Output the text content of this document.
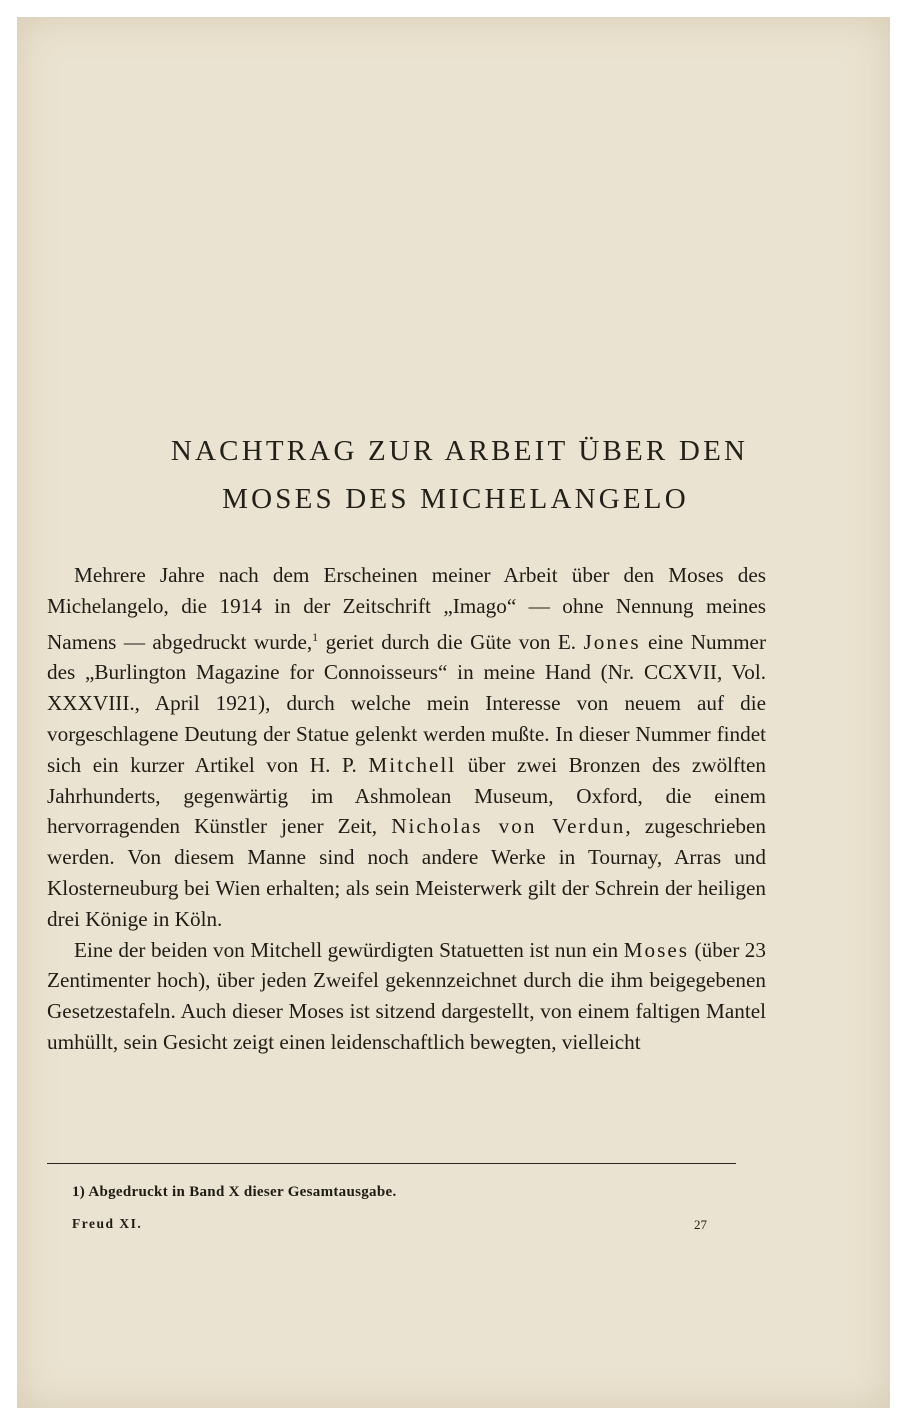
NACHTRAG ZUR ARBEIT ÜBER DEN
MOSES DES MICHELANGELO

Mehrere Jahre nach dem Erscheinen meiner Arbeit über den Moses des Michelangelo, die 1914 in der Zeitschrift „Imago“ — ohne Nennung meines Namens — abgedruckt wurde,$^1$ geriet durch die Güte von E. Jones eine Nummer des „Burlington Magazine for Connoisseurs“ in meine Hand (Nr. CCXVII, Vol. XXXVIII., April 1921), durch welche mein Interesse von neuem auf die vorgeschlagene Deutung der Statue gelenkt werden mußte. In dieser Nummer findet sich ein kurzer Artikel von H. P. Mitchell über zwei Bronzen des zwölften Jahrhunderts, gegenwärtig im Ashmolean Museum, Oxford, die einem hervorragenden Künstler jener Zeit, Nicholas von Verdun, zugeschrieben werden. Von diesem Manne sind noch andere Werke in Tournay, Arras und Klosterneuburg bei Wien erhalten; als sein Meisterwerk gilt der Schrein der heiligen drei Könige in Köln.

Eine der beiden von Mitchell gewürdigten Statuetten ist nun ein Moses (über 23 Zentimenter hoch), über jeden Zweifel gekennzeichnet durch die ihm beigegebenen Gesetzestafeln. Auch dieser Moses ist sitzend dargestellt, von einem faltigen Mantel umhüllt, sein Gesicht zeigt einen leidenschaftlich bewegten, vielleicht

1) Abgedruckt in Band X dieser Gesamtausgabe.
Freud XI.	27
